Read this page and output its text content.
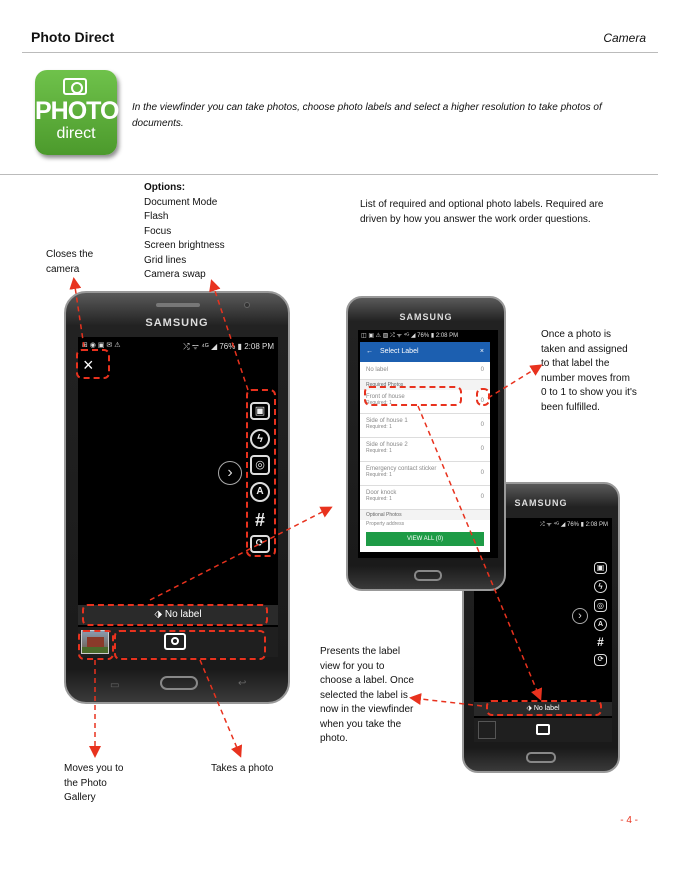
Photo Direct	Camera
PHOTO
direct
In the viewfinder you can take photos, choose photo labels and select a higher resolution to take photos of documents.
Options:
Document Mode
Flash
Focus
Screen brightness
Grid lines
Camera swap
Closes the camera
List of required and optional photo labels. Required are driven by how you answer the work order questions.
Once a photo is taken and assigned to that label the number moves from 0 to 1 to show you it's been fulfilled.
Presents the label view for you to choose a label. Once selected the label is now in the viewfinder when you take the photo.
Moves you to the Photo Gallery
Takes a photo
SAMSUNG
⊞ ◉ ▣ ✉ ⚠	⤮ ᯤ ⁴ᴳ ◢ 76% ▮ 2:08 PM
×
▣
ϟ
◎
A
#
⟳
›
⬗ No label
▭	↩
SAMSUNG
⤮ ᯤ ⁴ᴳ ◢ 76% ▮ 2:08 PM
▣
ϟ
◎
A
#
⟳
›
⬗ No label
SAMSUNG
◫ ▣ ⚠ ▨ ⤮ ᯤ ⁴ᴳ ◢ 76% ▮ 2:08 PM
← Select Label	×
No label	0
Required Photos
Front of house
Required: 1	0
Side of house 1
Required: 1	0
Side of house 2
Required: 1	0
Emergency contact sticker
Required: 1	0
Door knock
Required: 1	0
Optional Photos
Property address
VIEW ALL (0)
- 4 -
